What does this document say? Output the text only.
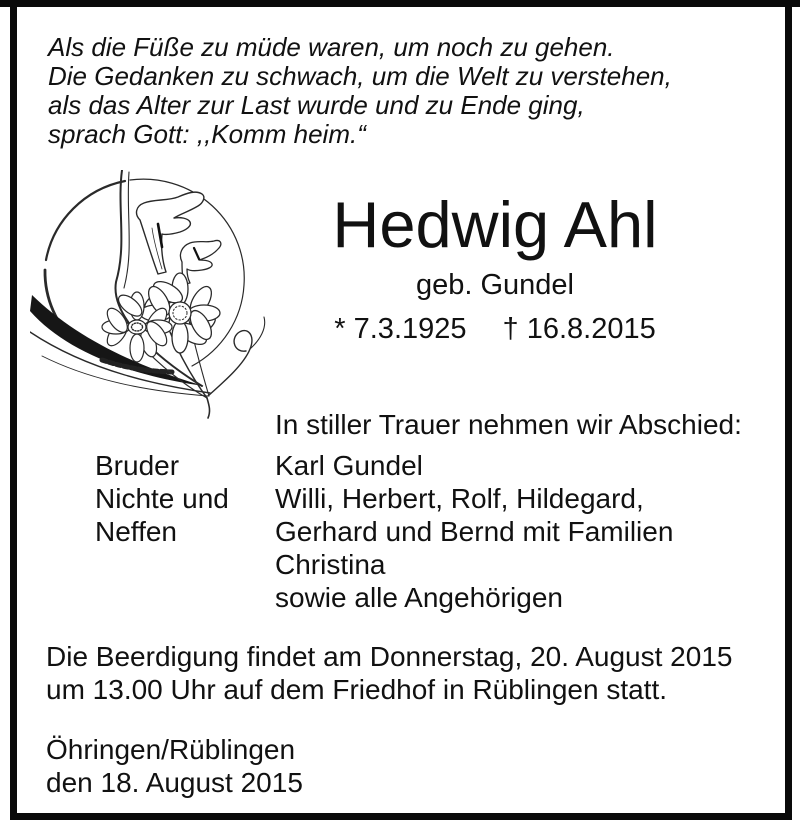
Als die Füße zu müde waren, um noch zu gehen.
Die Gedanken zu schwach, um die Welt zu verstehen,
als das Alter zur Last wurde und zu Ende ging,
sprach Gott: ,,Komm heim.“
Hedwig Ahl
geb. Gundel
* 7.3.1925 † 16.8.2015
In stiller Trauer nehmen wir Abschied:
Bruder	Karl Gundel
Nichte und	Willi, Herbert, Rolf, Hildegard,
Neffen	Gerhard und Bernd mit Familien
Christina
sowie alle Angehörigen
Die Beerdigung findet am Donnerstag, 20. August 2015
um 13.00 Uhr auf dem Friedhof in Rüblingen statt.
Öhringen/Rüblingen
den 18. August 2015
